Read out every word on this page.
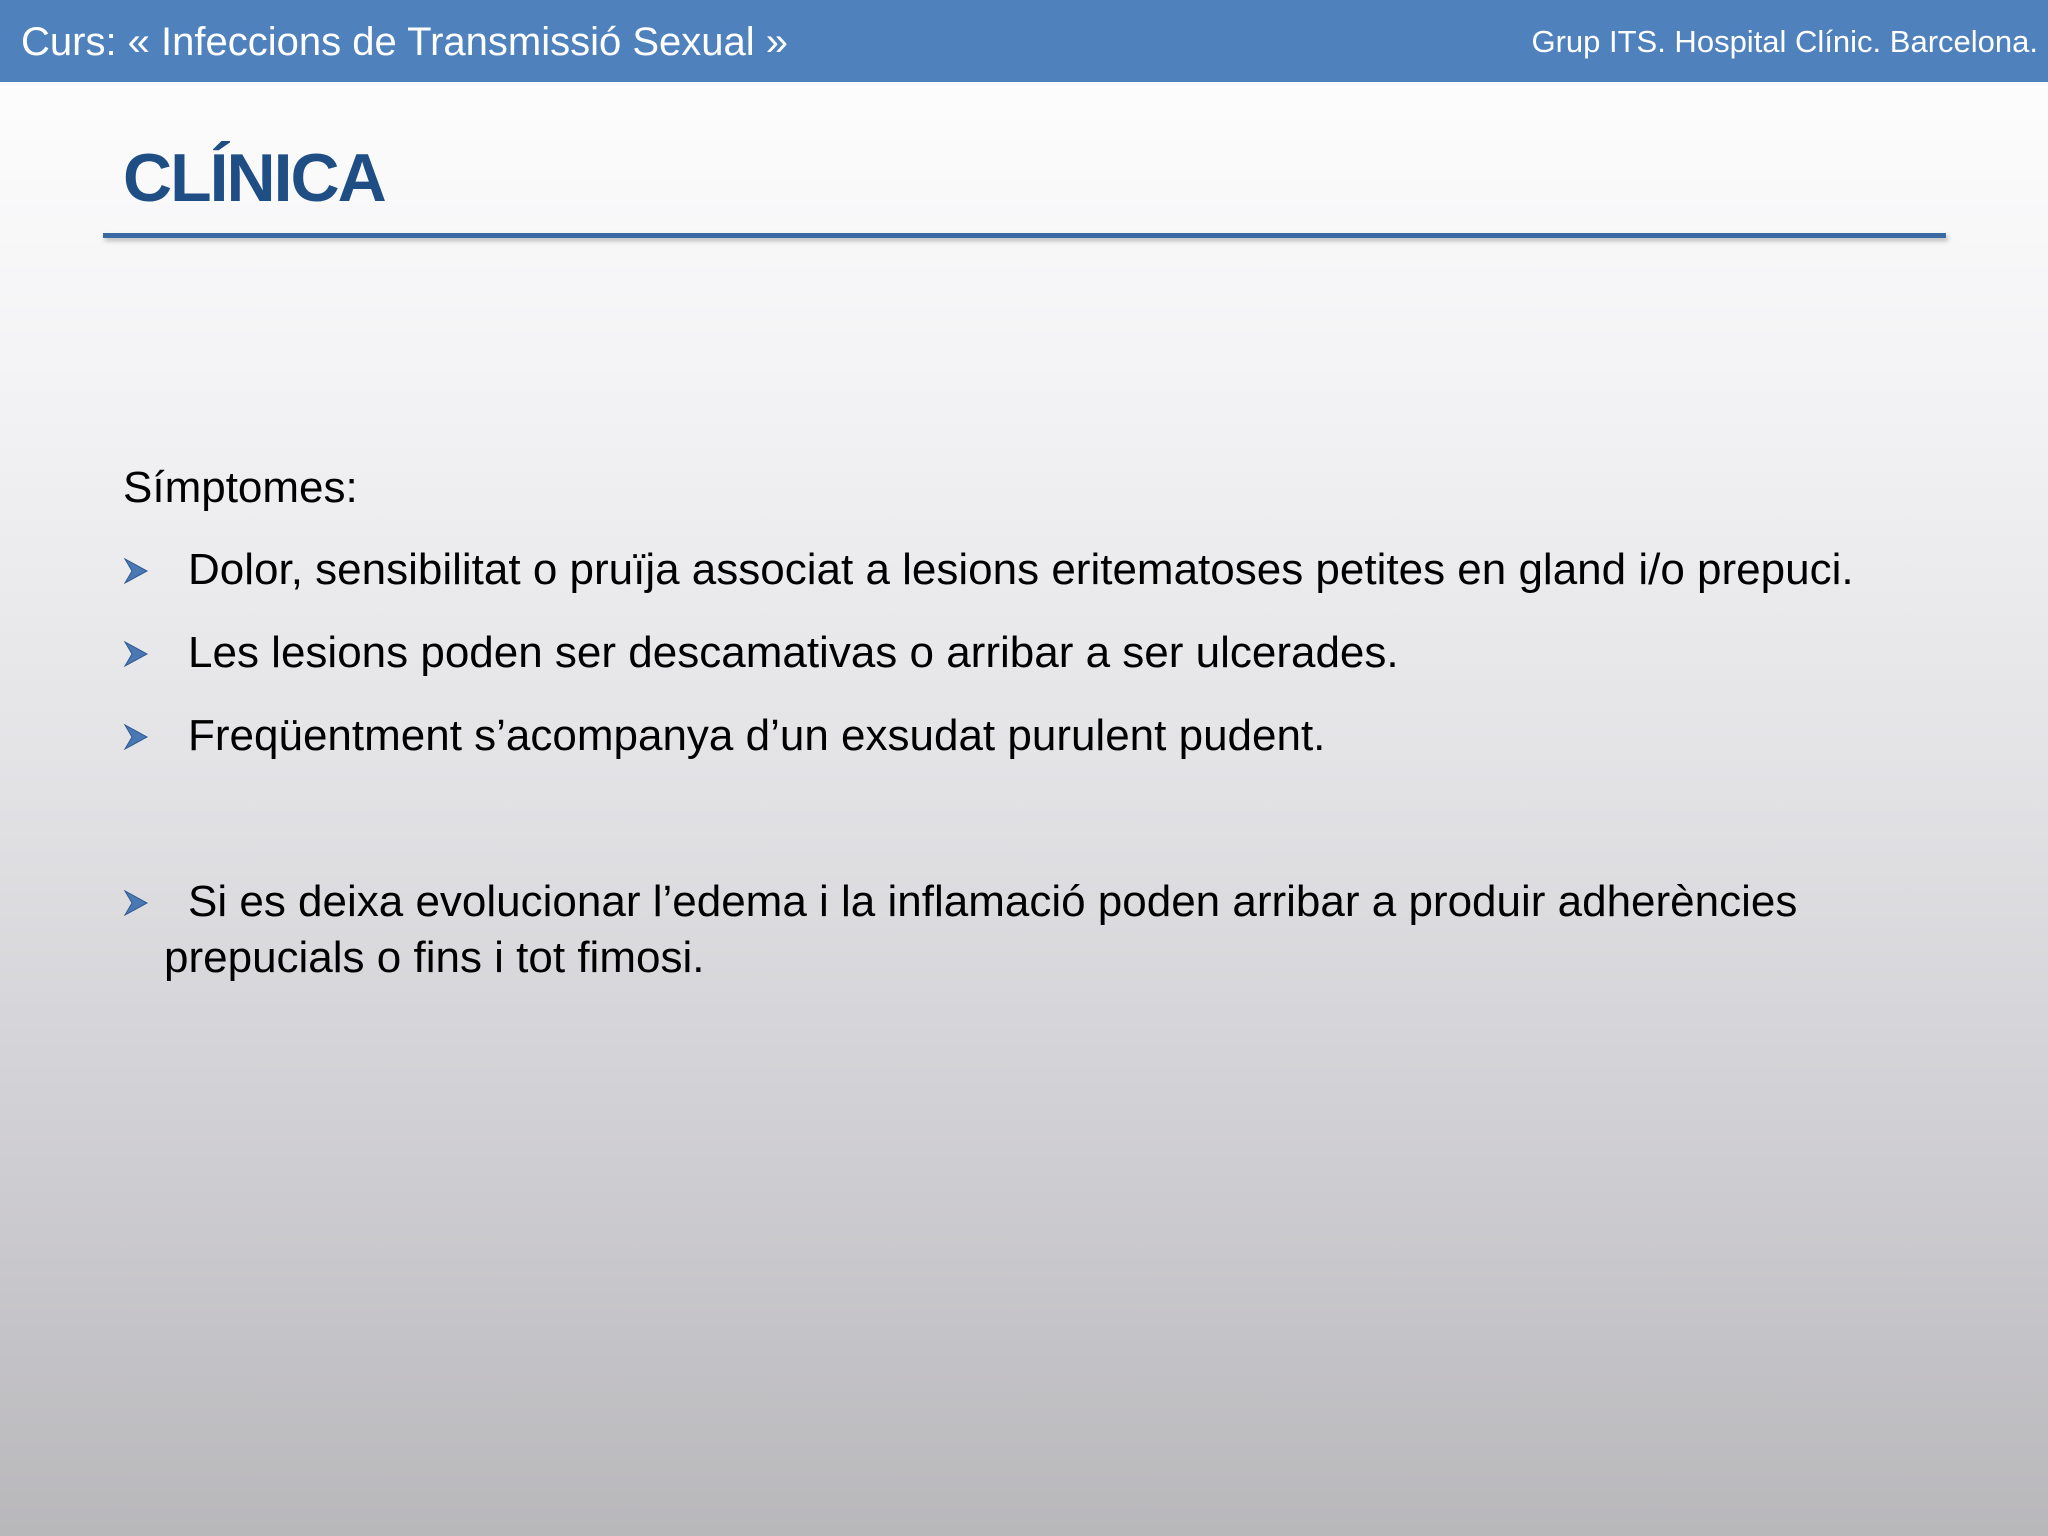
Curs: « Infeccions de Transmissió Sexual »	Grup ITS. Hospital Clínic. Barcelona.
CLÍNICA

Símptomes:

Dolor, sensibilitat o pruïja associat a lesions eritematoses petites en gland i/o prepuci.
Les lesions poden ser descamativas o arribar a ser ulcerades.
Freqüentment s’acompanya d’un exsudat purulent pudent.
Si es deixa evolucionar l’edema i la inflamació poden arribar a produir adherències
prepucials o fins i tot fimosi.
